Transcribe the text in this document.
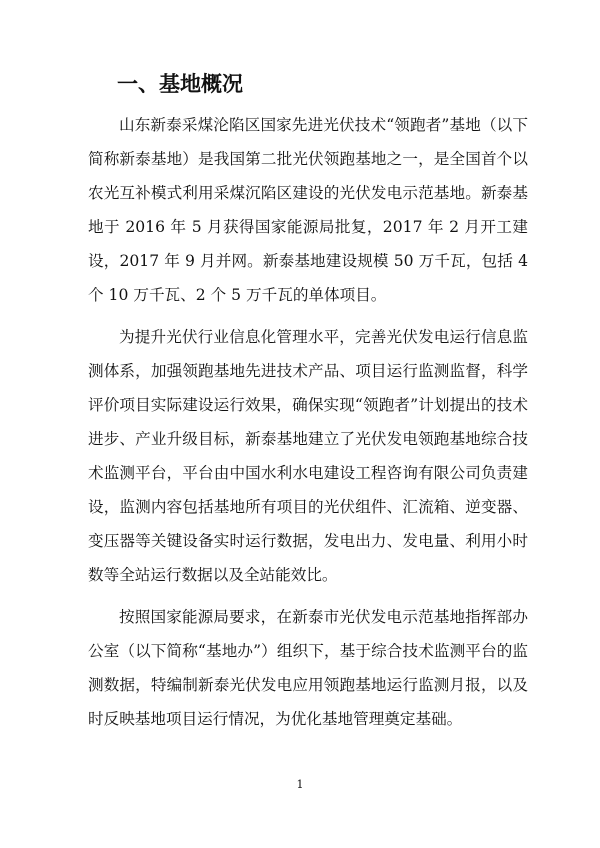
一、基地概况

山东新泰采煤沦陷区国家先进光伏技术“领跑者”基地（以下简称新泰基地）是我国第二批光伏领跑基地之一，是全国首个以农光互补模式利用采煤沉陷区建设的光伏发电示范基地。新泰基地于 2016 年 5 月获得国家能源局批复，2017 年 2 月开工建设，2017 年 9 月并网。新泰基地建设规模 50 万千瓦，包括 4 个 10 万千瓦、2 个 5 万千瓦的单体项目。

为提升光伏行业信息化管理水平，完善光伏发电运行信息监测体系，加强领跑基地先进技术产品、项目运行监测监督，科学评价项目实际建设运行效果，确保实现“领跑者”计划提出的技术进步、产业升级目标，新泰基地建立了光伏发电领跑基地综合技术监测平台，平台由中国水利水电建设工程咨询有限公司负责建设，监测内容包括基地所有项目的光伏组件、汇流箱、逆变器、变压器等关键设备实时运行数据，发电出力、发电量、利用小时数等全站运行数据以及全站能效比。

按照国家能源局要求，在新泰市光伏发电示范基地指挥部办公室（以下简称“基地办”）组织下，基于综合技术监测平台的监测数据，特编制新泰光伏发电应用领跑基地运行监测月报，以及时反映基地项目运行情况，为优化基地管理奠定基础。

1
